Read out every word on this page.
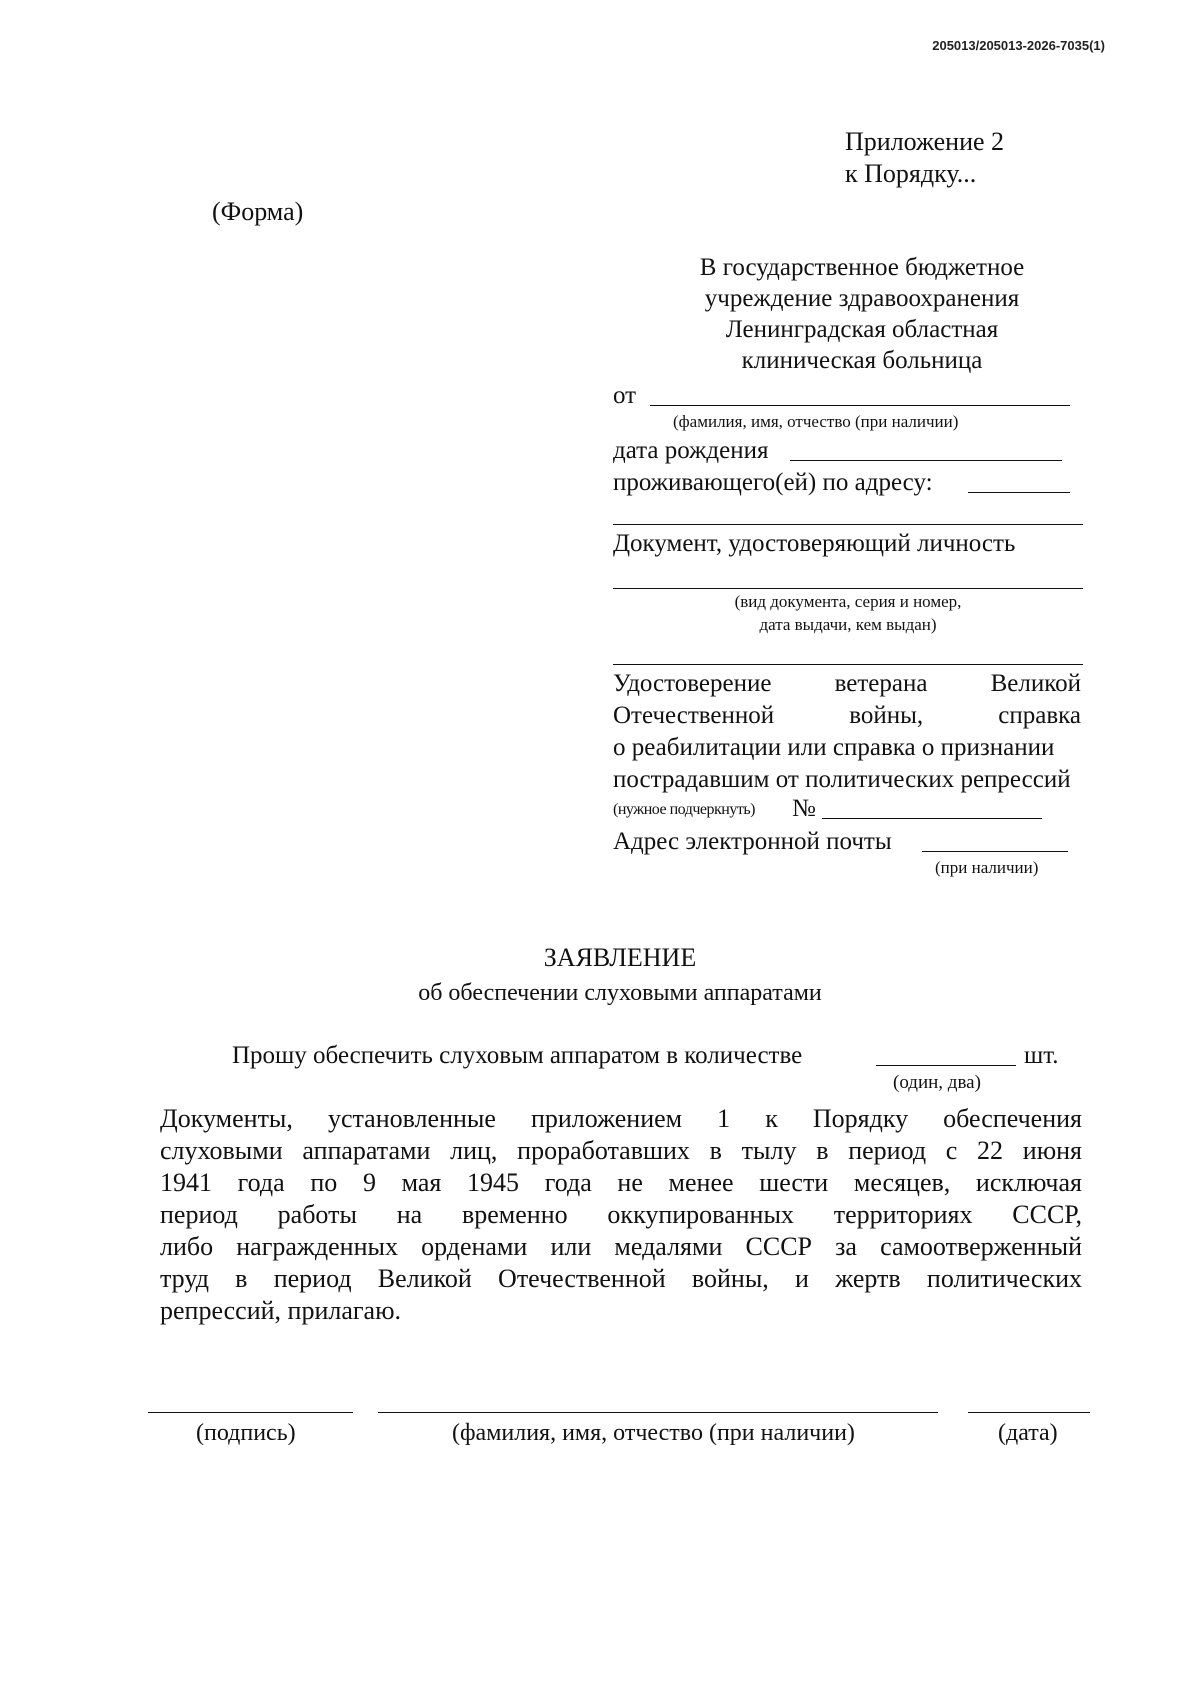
205013/205013-2026-7035(1)
Приложение 2
к Порядку...
(Форма)
В государственное бюджетное
учреждение здравоохранения
Ленинградская областная
клиническая больница
от
(фамилия, имя, отчество (при наличии)
дата рождения
проживающего(ей) по адресу:
Документ, удостоверяющий личность
(вид документа, серия и номер,
дата выдачи, кем выдан)
Удостоверение ветерана Великой
Отечественной войны, справка
о реабилитации или справка о признании
пострадавшим от политических репрессий
(нужное подчеркнуть) №
Адрес электронной почты
(при наличии)
ЗАЯВЛЕНИЕ
об обеспечении слуховыми аппаратами
Прошу обеспечить слуховым аппаратом в количестве	шт.
(один, два)
Документы, установленные приложением 1 к Порядку обеспечения
слуховыми аппаратами лиц, проработавших в тылу в период с 22 июня
1941 года по 9 мая 1945 года не менее шести месяцев, исключая
период работы на временно оккупированных территориях СССР,
либо награжденных орденами или медалями СССР за самоотверженный
труд в период Великой Отечественной войны, и жертв политических
репрессий, прилагаю.
(подпись)	(фамилия, имя, отчество (при наличии)	(дата)
